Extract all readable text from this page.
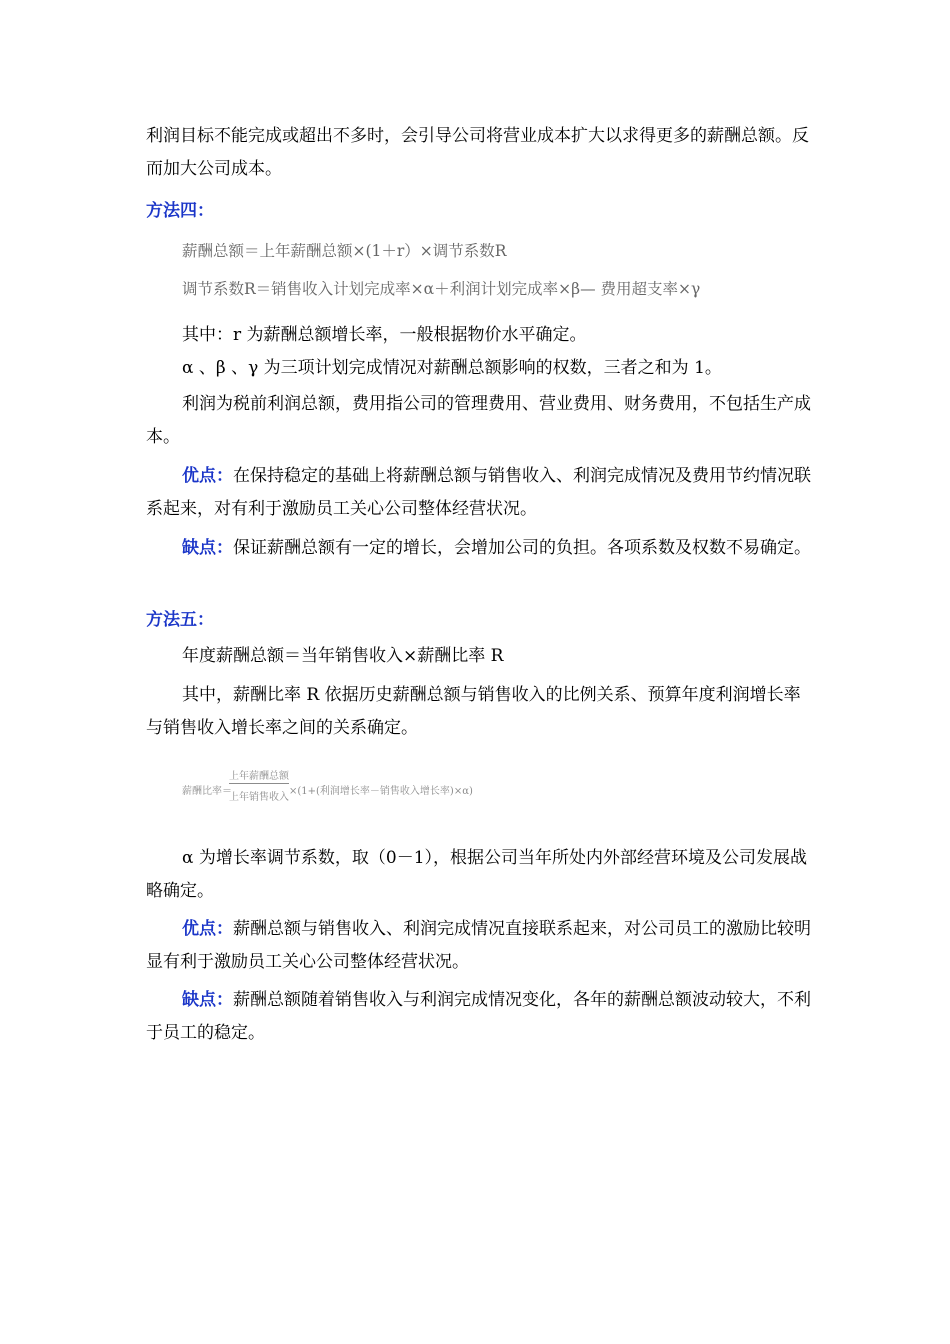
利润目标不能完成或超出不多时，会引导公司将营业成本扩大以求得更多的薪酬总额。反而加大公司成本。

方法四：

薪酬总额＝上年薪酬总额×(1＋r）×调节系数R
调节系数R＝销售收入计划完成率×α＋利润计划完成率×β— 费用超支率×γ

其中：r 为薪酬总额增长率，一般根据物价水平确定。

α 、β 、γ 为三项计划完成情况对薪酬总额影响的权数，三者之和为 1。

利润为税前利润总额，费用指公司的管理费用、营业费用、财务费用，不包括生产成本。

优点：在保持稳定的基础上将薪酬总额与销售收入、利润完成情况及费用节约情况联系起来，对有利于激励员工关心公司整体经营状况。

缺点：保证薪酬总额有一定的增长，会增加公司的负担。各项系数及权数不易确定。

方法五：

年度薪酬总额＝当年销售收入×薪酬比率 R

其中，薪酬比率 R 依据历史薪酬总额与销售收入的比例关系、预算年度利润增长率与销售收入增长率之间的关系确定。

薪酬比率＝
上年薪酬总额
上年销售收入
×(1+(利润增长率－销售收入增长率)×α)

α 为增长率调节系数，取（0－1），根据公司当年所处内外部经营环境及公司发展战略确定。

优点：薪酬总额与销售收入、利润完成情况直接联系起来，对公司员工的激励比较明显有利于激励员工关心公司整体经营状况。

缺点：薪酬总额随着销售收入与利润完成情况变化，各年的薪酬总额波动较大，不利于员工的稳定。
